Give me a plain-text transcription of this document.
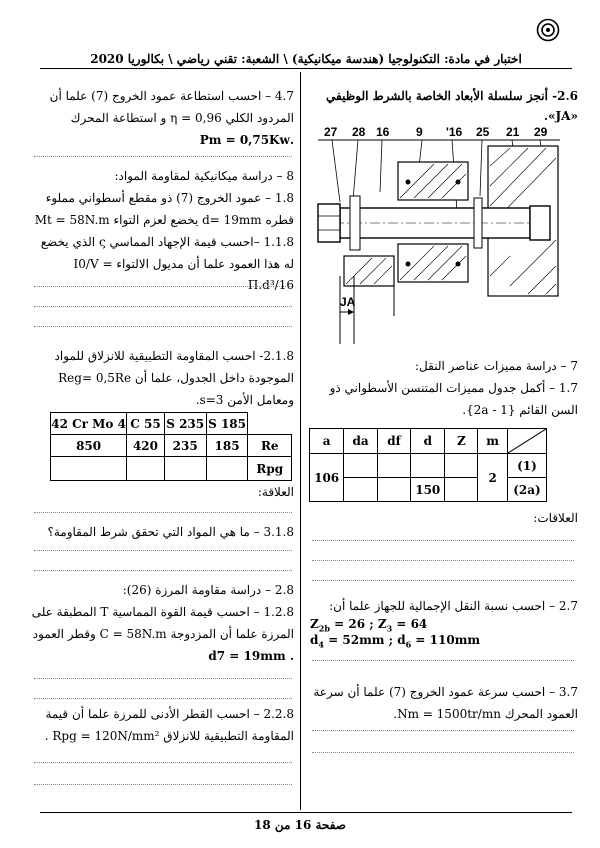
اختبار في مادة: التكنولوجيا (هندسة ميكانيكية) \ الشعبة: تقني رياضي \ بكالوريا 2020
2.6- أنجز سلسلة الأبعاد الخاصة بالشرط الوظيفي
«JA».
27 28 16 9 '16 25 21 29
JA
7 – دراسة مميزات عناصر النقل:
1.7 – أكمل جدول مميزات المتنسن الأسطواني ذو
السن القائم {1 - 2a}.
a	da	df	d	Z	m	

106					2	(1)
			150			(2a)
العلاقات:
2.7 – احسب نسبة النقل الإجمالية للجهاز علما أن:
$Z_{2b} = 26$ ; $Z_3 = 64$
$d_4 = 52mm$ ; $d_6 = 110mm$
3.7 – احسب سرعة عمود الخروج (7) علما أن سرعة
العمود المحرك Nm = 1500tr/mn.
4.7 – احسب استطاعة عمود الخروج (7) علما أن
المردود الكلي η = 0,96 و استطاعة المحرك
.Pm = 0,75Kw
8 – دراسة ميكانيكية لمقاومة المواد:
1.8 – عمود الخروج (7) ذو مقطع أسطواني مملوء
قطره d= 19mm يخضع لعزم التواء Mt = 58N.m
1.1.8 –احسب قيمة الإجهاد المماسي ς الذي يخضع
له هذا العمود علما أن مديول الالتواء I0/V = Π.d³/16
2.1.8- احسب المقاومة التطبيقية للانزلاق للمواد
الموجودة داخل الجدول، علما أن Reg= 0,5Re
ومعامل الأمن s=3.
42 Cr Mo 4	C 55	S 235	S 185	
850	420	235	185	Re
				Rpg
العلاقة:
3.1.8 – ما هي المواد التي تحقق شرط المقاومة؟
2.8 – دراسة مقاومة المرزة (26):
1.2.8 – احسب قيمة القوة المماسية T المطبقة على
المرزة علما أن المزدوجة C = 58N.m وقطر العمود
. d7 = 19mm
2.2.8 – احسب القطر الأدنى للمرزة علما أن قيمة
المقاومة التطبيقية للانزلاق Rpg = 120N/mm² .
صفحة 16 من 18
